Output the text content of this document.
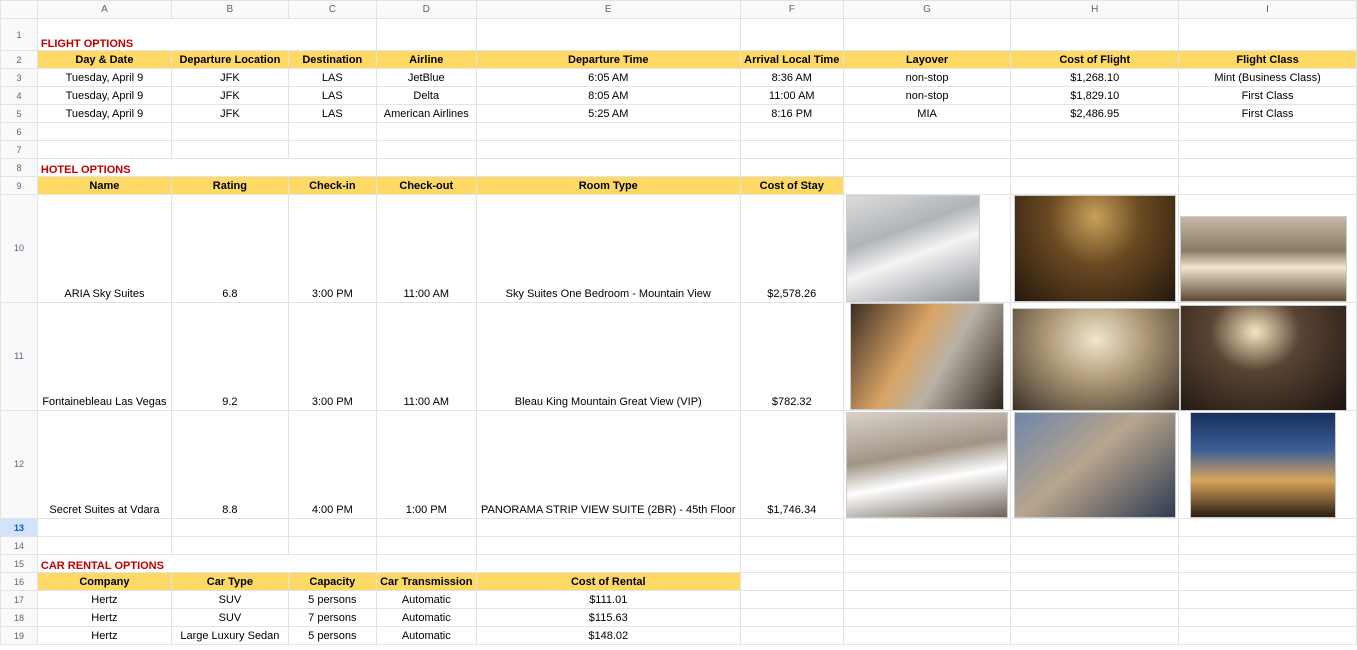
	A	B	C	D	E	F	G	H	I
1	FLIGHT OPTIONS								
2	Day & Date	Departure Location	Destination	Airline	Departure Time	Arrival Local Time	Layover	Cost of Flight	Flight Class
3	Tuesday, April 9	JFK	LAS	JetBlue	6:05 AM	8:36 AM	non-stop	$1,268.10	Mint (Business Class)
4	Tuesday, April 9	JFK	LAS	Delta	8:05 AM	11:00 AM	non-stop	$1,829.10	First Class
5	Tuesday, April 9	JFK	LAS	American Airlines	5:25 AM	8:16 PM	MIA	$2,486.95	First Class
6									
7									
8	HOTEL OPTIONS								
9	Name	Rating	Check-in	Check-out	Room Type	Cost of Stay			
10	ARIA Sky Suites	6.8	3:00 PM	11:00 AM	Sky Suites One Bedroom - Mountain View	$2,578.26			
11	Fontainebleau Las Vegas	9.2	3:00 PM	11:00 AM	Bleau King Mountain Great View (VIP)	$782.32			
12	Secret Suites at Vdara	8.8	4:00 PM	1:00 PM	PANORAMA STRIP VIEW SUITE (2BR) - 45th Floor	$1,746.34			
13									
14									
15	CAR RENTAL OPTIONS								
16	Company	Car Type	Capacity	Car Transmission	Cost of Rental				
17	Hertz	SUV	5 persons	Automatic	$111.01				
18	Hertz	SUV	7 persons	Automatic	$115.63				
19	Hertz	Large Luxury Sedan	5 persons	Automatic	$148.02				
